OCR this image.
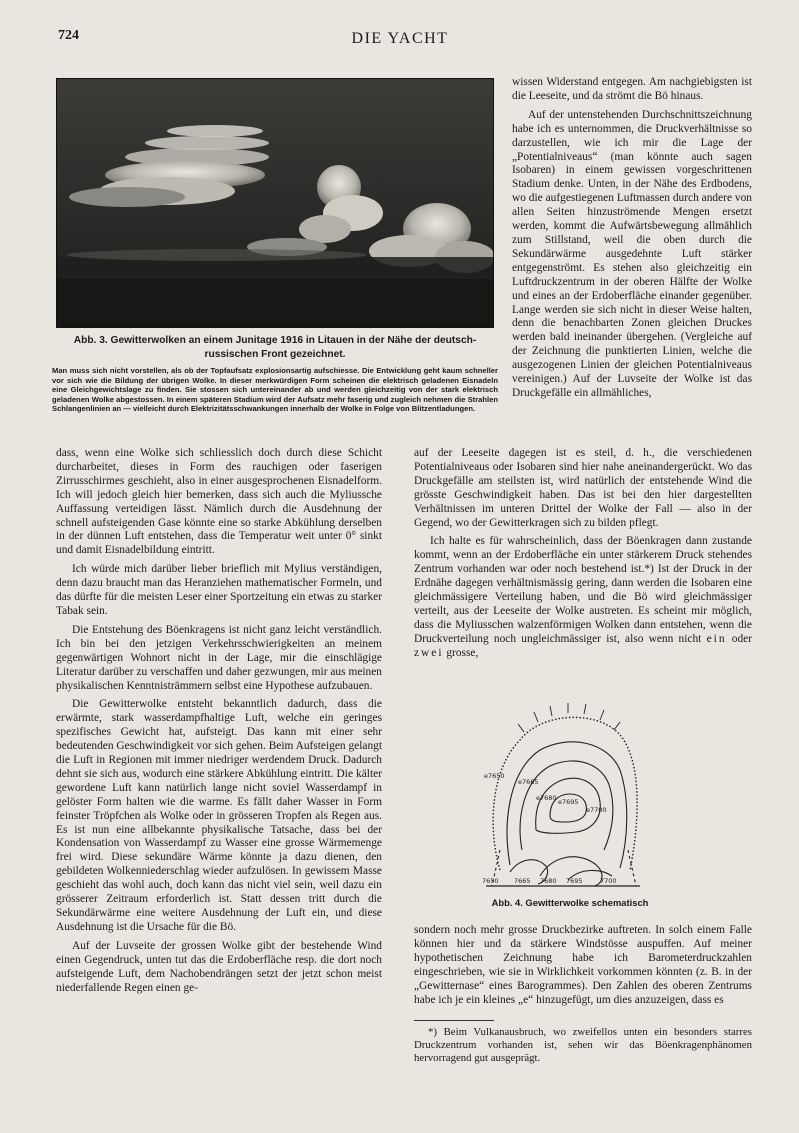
724	DIE YACHT
Abb. 3. Gewitterwolken an einem Junitage 1916 in Litauen in der Nähe der deutsch-russischen Front gezeichnet.
Man muss sich nicht vorstellen, als ob der Topfaufsatz explosionsartig aufschiesse. Die Entwicklung geht kaum schneller vor sich wie die Bildung der übrigen Wolke. In dieser merkwürdigen Form scheinen die elektrisch geladenen Eisnadeln eine Gleichgewichtslage zu finden. Sie stossen sich untereinander ab und werden gleichzeitig von der stark elektrisch geladenen Wolke abgestossen. In einem späteren Stadium wird der Aufsatz mehr faserig und zugleich nehmen die Strahlen Schlangenlinien an — vielleicht durch Elektrizitätsschwankungen innerhalb der Wolke in Folge von Blitzentladungen.

wissen Widerstand entgegen. Am nachgiebigsten ist die Leeseite, und da strömt die Bö hinaus.

Auf der untenstehenden Durchschnittszeichnung habe ich es unternommen, die Druckverhältnisse so darzustellen, wie ich mir die Lage der „Potentialniveaus“ (man könnte auch sagen Isobaren) in einem gewissen vorgeschrittenen Stadium denke. Unten, in der Nähe des Erdbodens, wo die aufgestiegenen Luftmassen durch andere von allen Seiten hinzuströmende Mengen ersetzt werden, kommt die Aufwärtsbewegung allmählich zum Stillstand, weil die oben durch die Sekundärwärme ausgedehnte Luft stärker entgegenströmt. Es stehen also gleichzeitig ein Luftdruckzentrum in der oberen Hälfte der Wolke und eines an der Erdoberfläche einander gegenüber. Lange werden sie sich nicht in dieser Weise halten, denn die benachbarten Zonen gleichen Druckes werden bald ineinander übergehen. (Vergleiche auf der Zeichnung die punktierten Linien, welche die ausgezogenen Linien der gleichen Potentialniveaus vereinigen.) Auf der Luvseite der Wolke ist das Druckgefälle ein allmähliches,

dass, wenn eine Wolke sich schliesslich doch durch diese Schicht durcharbeitet, dieses in Form des rauchigen oder faserigen Zirrusschirmes geschieht, also in einer ausgesprochenen Eisnadelform. Ich will jedoch gleich hier bemerken, dass sich auch die Myliussche Auffassung verteidigen lässt. Nämlich durch die Ausdehnung der schnell aufsteigenden Gase könnte eine so starke Abkühlung derselben in der dünnen Luft entstehen, dass die Temperatur weit unter 0° sinkt und damit Eisnadelbildung eintritt.

Ich würde mich darüber lieber brieflich mit Mylius verständigen, denn dazu braucht man das Heranziehen mathematischer Formeln, und das dürfte für die meisten Leser einer Sportzeitung ein etwas zu starker Tabak sein.

Die Entstehung des Böenkragens ist nicht ganz leicht verständlich. Ich bin bei den jetzigen Verkehrsschwierigkeiten an meinem gegenwärtigen Wohnort nicht in der Lage, mir die einschlägige Literatur darüber zu verschaffen und daher gezwungen, mir aus meinen physikalischen Kenntnisträmmern selbst eine Hypothese aufzubauen.

Die Gewitterwolke entsteht bekanntlich dadurch, dass die erwärmte, stark wasserdampfhaltige Luft, welche ein geringes spezifisches Gewicht hat, aufsteigt. Das kann mit einer sehr bedeutenden Geschwindigkeit vor sich gehen. Beim Aufsteigen gelangt die Luft in Regionen mit immer niedriger werdendem Druck. Dadurch dehnt sie sich aus, wodurch eine stärkere Abkühlung eintritt. Die kälter gewordene Luft kann natürlich lange nicht soviel Wasserdampf in gelöster Form halten wie die warme. Es fällt daher Wasser in Form feinster Tröpfchen als Wolke oder in grösseren Tropfen als Regen aus. Es ist nun eine allbekannte physikalische Tatsache, dass bei der Kondensation von Wasserdampf zu Wasser eine grosse Wärmemenge frei wird. Diese sekundäre Wärme könnte ja dazu dienen, den gebildeten Wolkenniederschlag wieder aufzulösen. In gewissem Masse geschieht das wohl auch, doch kann das nicht viel sein, weil dazu ein grösserer Zeitraum erforderlich ist. Statt dessen tritt durch die Sekundärwärme eine weitere Ausdehnung der Luft ein, und diese Ausdehnung ist die Ursache für die Bö.

Auf der Luvseite der grossen Wolke gibt der bestehende Wind einen Gegendruck, unten tut das die Erdoberfläche resp. die dort noch aufsteigende Luft, dem Nachobendrängen setzt der jetzt schon meist niederfallende Regen einen ge-

auf der Leeseite dagegen ist es steil, d. h., die verschiedenen Potentialniveaus oder Isobaren sind hier nahe aneinandergerückt. Wo das Druckgefälle am steilsten ist, wird natürlich der entstehende Wind die grösste Geschwindigkeit haben. Das ist bei den hier dargestellten Verhältnissen im unteren Drittel der Wolke der Fall — also in der Gegend, wo der Gewitterkragen sich zu bilden pflegt.

Ich halte es für wahrscheinlich, dass der Böenkragen dann zustande kommt, wenn an der Erdoberfläche ein unter stärkerem Druck stehendes Zentrum vorhanden war oder noch bestehend ist.*) Ist der Druck in der Erdnähe dagegen verhältnismässig gering, dann werden die Isobaren eine gleichmässigere Verteilung haben, und die Bö wird gleichmässiger verteilt, aus der Leeseite der Wolke austreten. Es scheint mir möglich, dass die Myliusschen walzenförmigen Wolken dann entstehen, wenn die Druckverteilung noch ungleichmässiger ist, also wenn nicht ein oder zwei grosse,

e7650
e7665
e7680 e7695
e7700
7650 7665 7680 7695	7700
Abb. 4. Gewitterwolke schematisch

sondern noch mehr grosse Druckbezirke auftreten. In solch einem Falle können hier und da stärkere Windstösse auspuffen. Auf meiner hypothetischen Zeichnung habe ich Barometerdruckzahlen eingeschrieben, wie sie in Wirklichkeit vorkommen könnten (z. B. in der „Gewitternase“ eines Barogrammes). Den Zahlen des oberen Zentrums habe ich je ein kleines „e“ hinzugefügt, um dies anzuzeigen, dass es

*) Beim Vulkanausbruch, wo zweifellos unten ein besonders starres Druckzentrum vorhanden ist, sehen wir das Böenkragenphänomen hervorragend gut ausgeprägt.
